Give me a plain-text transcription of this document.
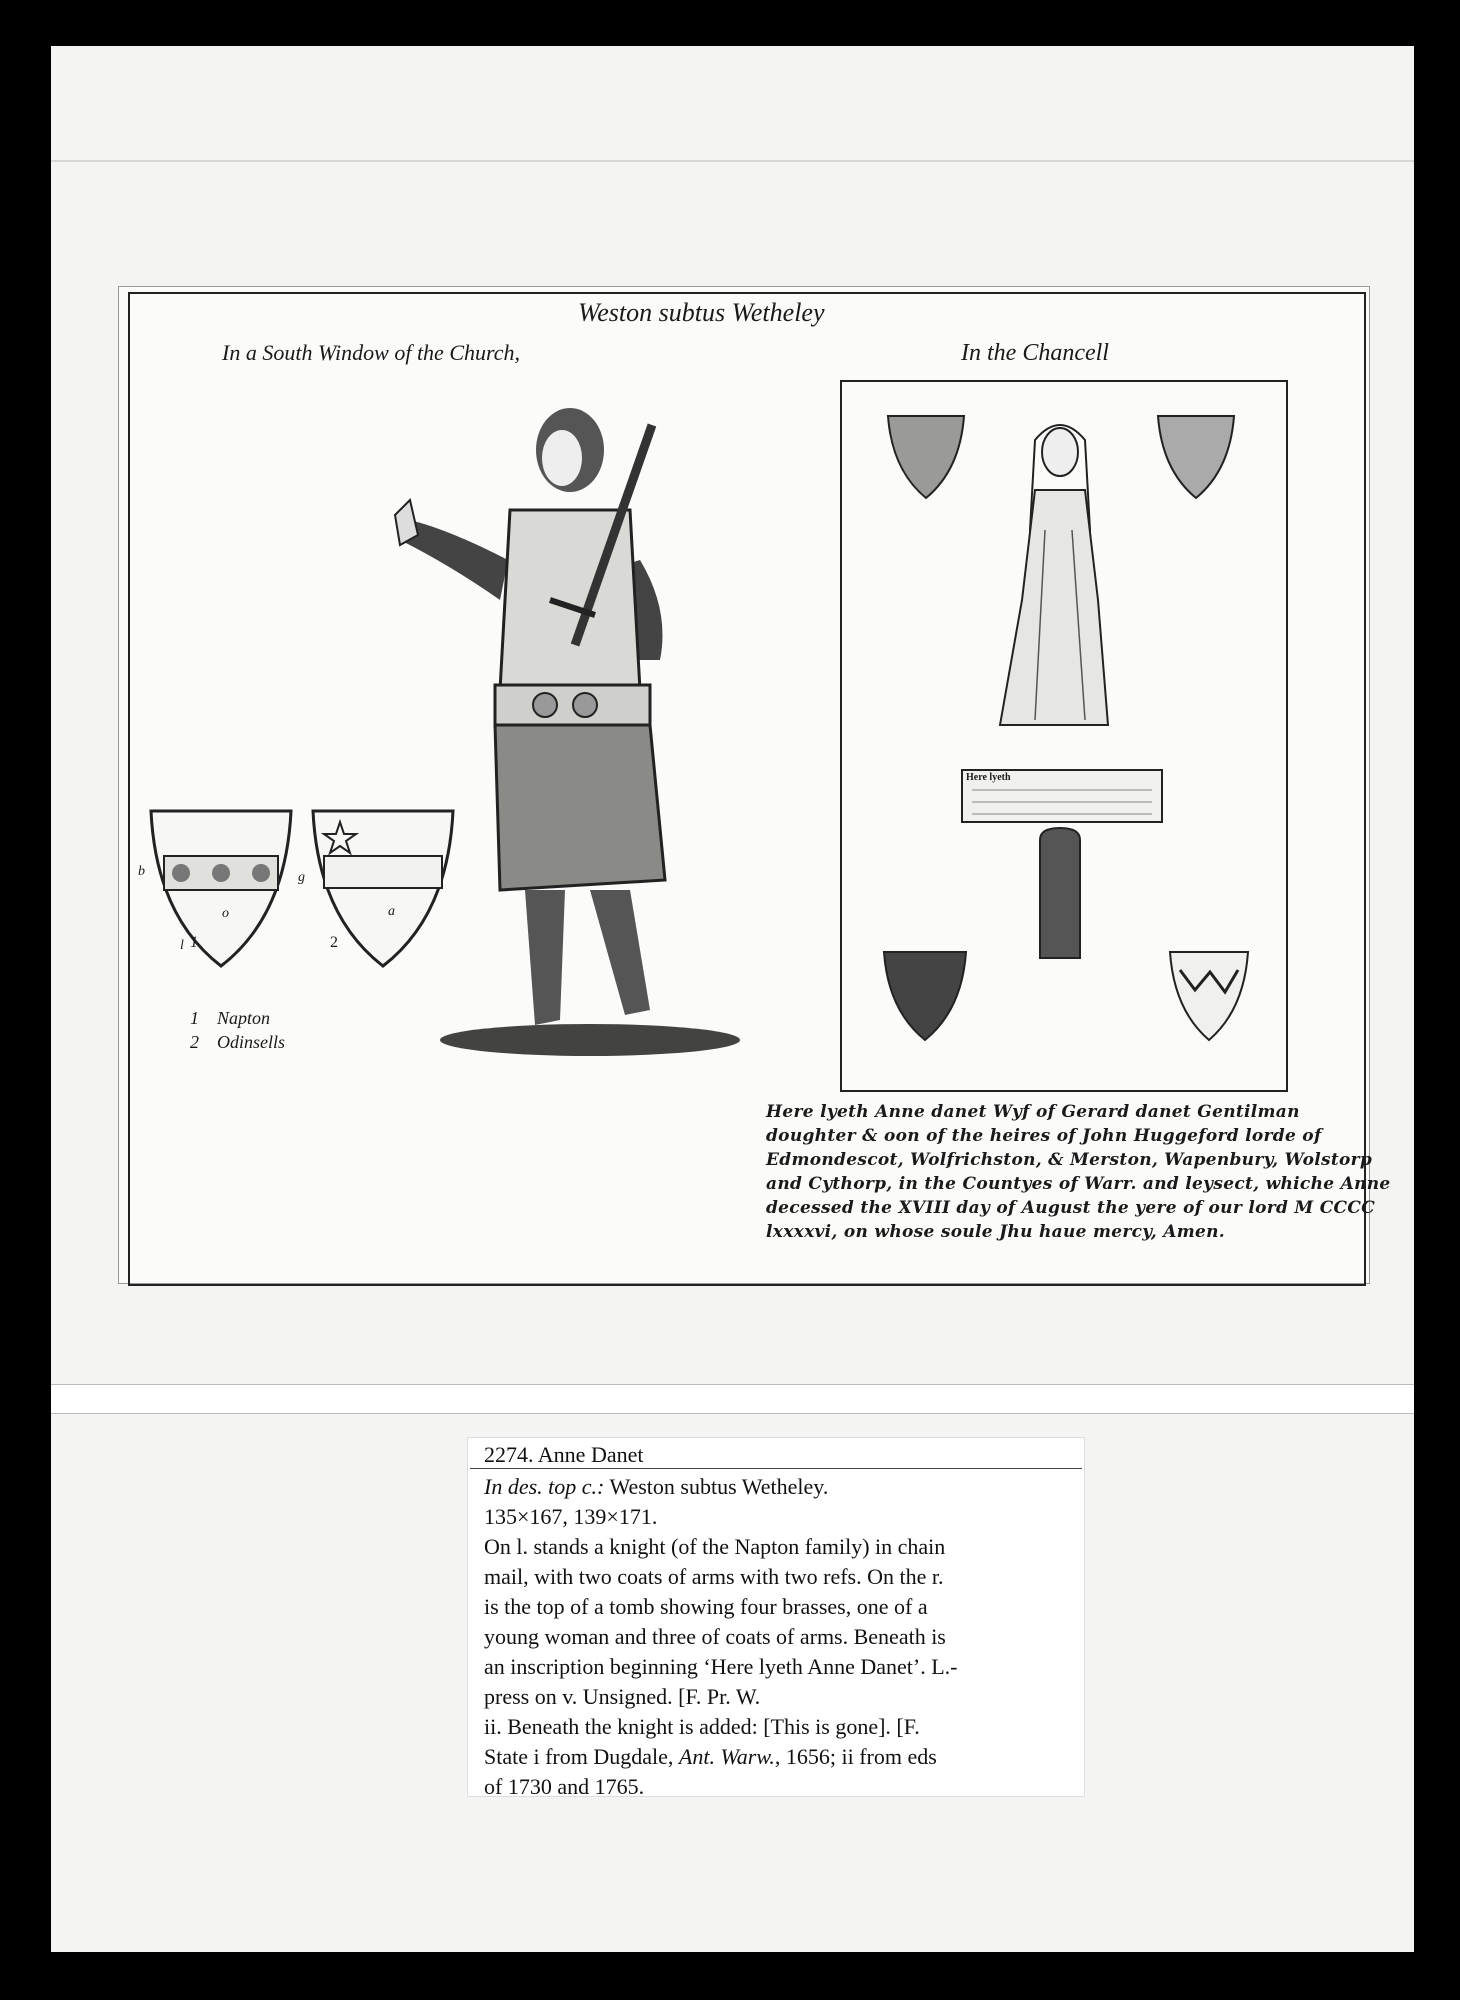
Weston subtus Wetheley
In a South Window of the Church,	In the Chancell
1	2
b
o
l
g
a
1 Napton
2 Odinsells
Here lyeth
Here lyeth Anne danet Wyf of Gerard danet Gentilman
doughter & oon of the heires of John Huggeford lorde of
Edmondescot, Wolfrichston, & Merston, Wapenbury, Wolstorp
and Cythorp, in the Countyes of Warr. and leysect, whiche Anne
decessed the XVIII day of August the yere of our lord M CCCC
lxxxxvi, on whose soule Jhu haue mercy, Amen.
2274. Anne Danet
In des. top c.: Weston subtus Wetheley.
135×167, 139×171.
On l. stands a knight (of the Napton family) in chain
mail, with two coats of arms with two refs. On the r.
is the top of a tomb showing four brasses, one of a
young woman and three of coats of arms. Beneath is
an inscription beginning ‘Here lyeth Anne Danet’. L.-
press on v. Unsigned. [F. Pr. W.
ii. Beneath the knight is added: [This is gone]. [F.
State i from Dugdale, Ant. Warw., 1656; ii from eds
of 1730 and 1765.
